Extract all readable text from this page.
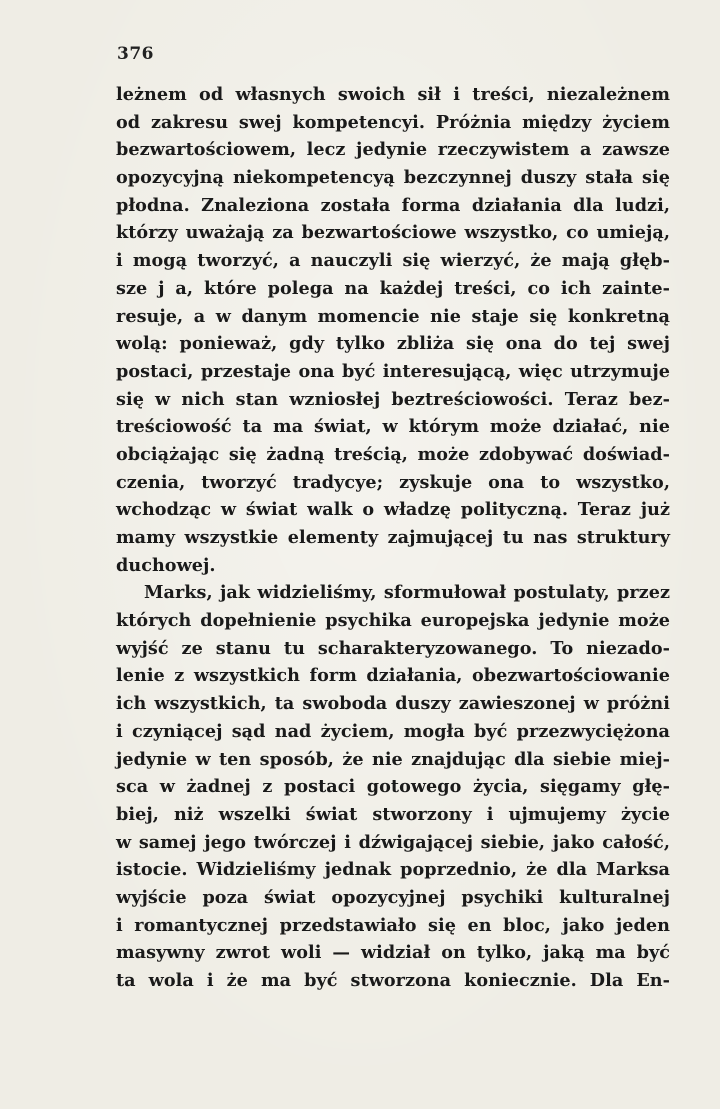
376
leżnem od własnych swoich sił i treści, niezależnem
od zakresu swej kompetencyi. Próżnia między życiem
bezwartościowem, lecz jedynie rzeczywistem a zawsze
opozycyjną niekompetencyą bezczynnej duszy stała się
płodna. Znaleziona została forma działania dla ludzi,
którzy uważają za bezwartościowe wszystko, co umieją,
i mogą tworzyć, a nauczyli się wierzyć, że mają głęb-
sze j a, które polega na każdej treści, co ich zainte-
resuje, a w danym momencie nie staje się konkretną
wolą: ponieważ, gdy tylko zbliża się ona do tej swej
postaci, przestaje ona być interesującą, więc utrzymuje
się w nich stan wzniosłej beztreściowości. Teraz bez-
treściowość ta ma świat, w którym może działać, nie
obciążając się żadną treścią, może zdobywać doświad-
czenia, tworzyć tradycye; zyskuje ona to wszystko,
wchodząc w świat walk o władzę polityczną. Teraz już
mamy wszystkie elementy zajmującej tu nas struktury
duchowej.
Marks, jak widzieliśmy, sformułował postulaty, przez
których dopełnienie psychika europejska jedynie może
wyjść ze stanu tu scharakteryzowanego. To niezado-
lenie z wszystkich form działania, obezwartościowanie
ich wszystkich, ta swoboda duszy zawieszonej w próżni
i czyniącej sąd nad życiem, mogła być przezwyciężona
jedynie w ten sposób, że nie znajdując dla siebie miej-
sca w żadnej z postaci gotowego życia, sięgamy głę-
biej, niż wszelki świat stworzony i ujmujemy życie
w samej jego twórczej i dźwigającej siebie, jako całość,
istocie. Widzieliśmy jednak poprzednio, że dla Marksa
wyjście poza świat opozycyjnej psychiki kulturalnej
i romantycznej przedstawiało się en bloc, jako jeden
masywny zwrot woli — widział on tylko, jaką ma być
ta wola i że ma być stworzona koniecznie. Dla En-
